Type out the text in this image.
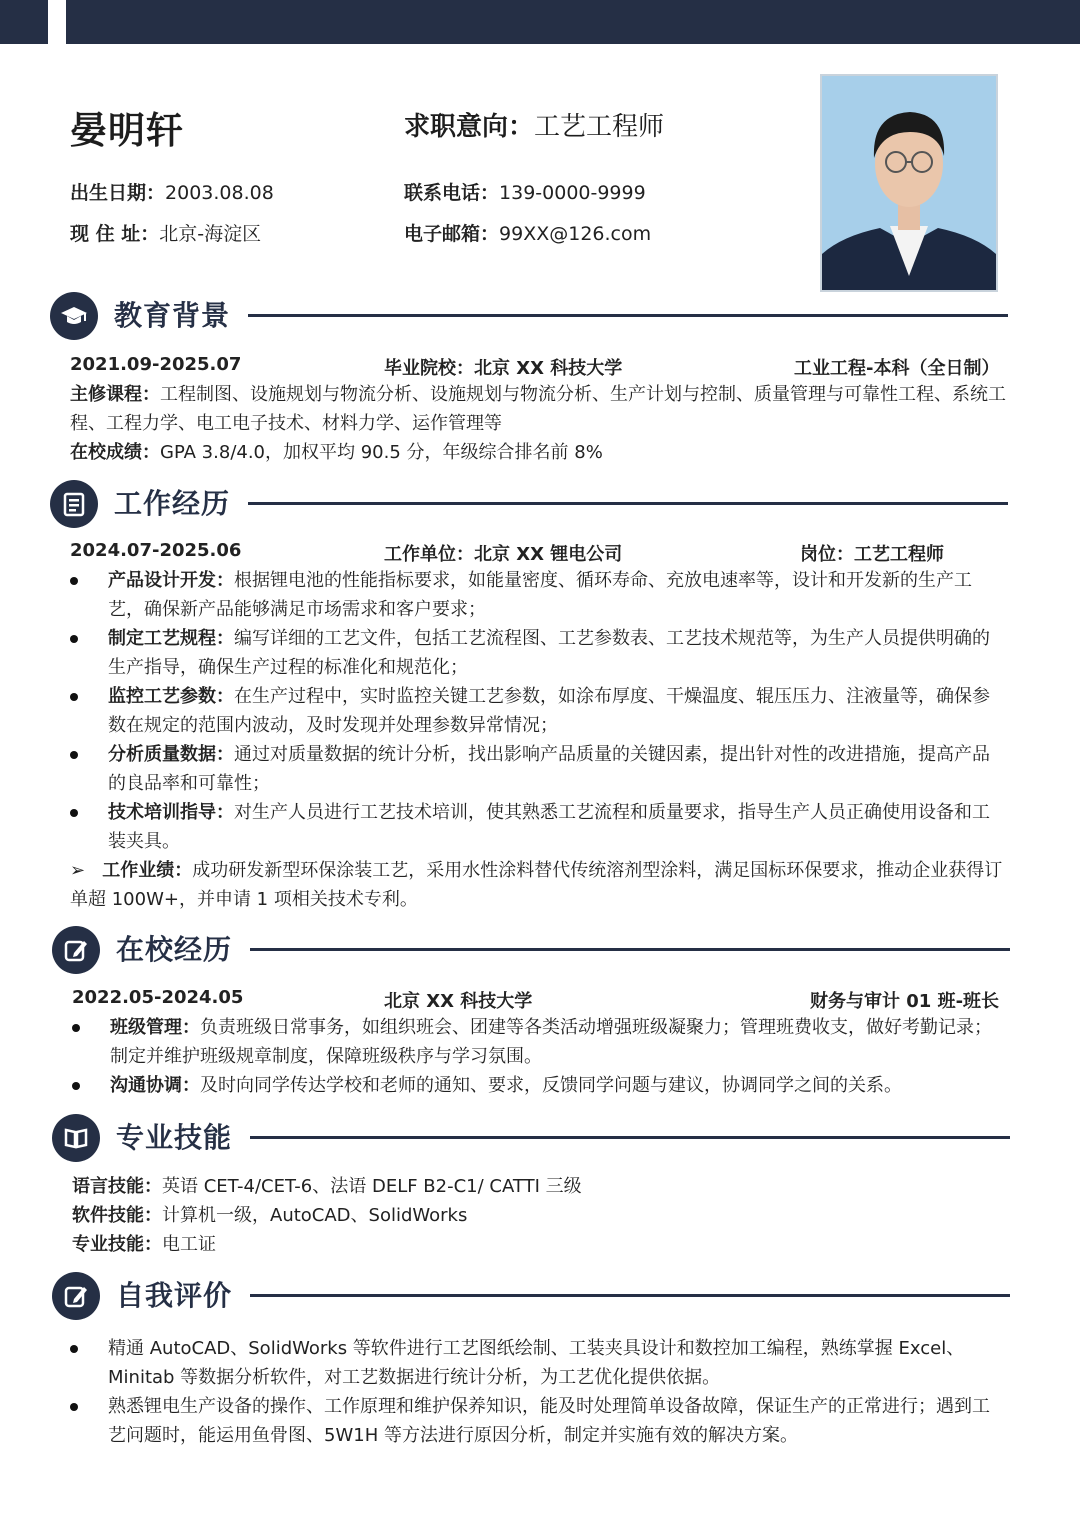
晏明轩	求职意向：工艺工程师
出生日期：2003.08.08	联系电话：139-0000-9999
现 住 址：北京-海淀区	电子邮箱：99XX@126.com
教育背景
2021.09-2025.07	毕业院校：北京 XX 科技大学	工业工程-本科（全日制）
主修课程：工程制图、设施规划与物流分析、设施规划与物流分析、生产计划与控制、质量管理与可靠性工程、系统工程、工程力学、电工电子技术、材料力学、运作管理等
在校成绩：GPA 3.8/4.0，加权平均 90.5 分，年级综合排名前 8%
工作经历
2024.07-2025.06	工作单位：北京 XX 锂电公司	岗位：工艺工程师
产品设计开发：根据锂电池的性能指标要求，如能量密度、循环寿命、充放电速率等，设计和开发新的生产工艺，确保新产品能够满足市场需求和客户要求；
制定工艺规程：编写详细的工艺文件，包括工艺流程图、工艺参数表、工艺技术规范等，为生产人员提供明确的生产指导，确保生产过程的标准化和规范化；
监控工艺参数：在生产过程中，实时监控关键工艺参数，如涂布厚度、干燥温度、辊压压力、注液量等，确保参数在规定的范围内波动，及时发现并处理参数异常情况；
分析质量数据：通过对质量数据的统计分析，找出影响产品质量的关键因素，提出针对性的改进措施，提高产品的良品率和可靠性；
技术培训指导：对生产人员进行工艺技术培训，使其熟悉工艺流程和质量要求，指导生产人员正确使用设备和工装夹具。
➢ 工作业绩：成功研发新型环保涂装工艺，采用水性涂料替代传统溶剂型涂料，满足国标环保要求，推动企业获得订单超 100W+，并申请 1 项相关技术专利。
在校经历
2022.05-2024.05	北京 XX 科技大学	财务与审计 01 班-班长
班级管理：负责班级日常事务，如组织班会、团建等各类活动增强班级凝聚力；管理班费收支，做好考勤记录；制定并维护班级规章制度，保障班级秩序与学习氛围。
沟通协调：及时向同学传达学校和老师的通知、要求，反馈同学问题与建议，协调同学之间的关系。
专业技能
语言技能：英语 CET-4/CET-6、法语 DELF B2-C1/ CATTI 三级
软件技能：计算机一级，AutoCAD、SolidWorks
专业技能：电工证
自我评价
精通 AutoCAD、SolidWorks 等软件进行工艺图纸绘制、工装夹具设计和数控加工编程，熟练掌握 Excel、Minitab 等数据分析软件，对工艺数据进行统计分析，为工艺优化提供依据。
熟悉锂电生产设备的操作、工作原理和维护保养知识，能及时处理简单设备故障，保证生产的正常进行；遇到工艺问题时，能运用鱼骨图、5W1H 等方法进行原因分析，制定并实施有效的解决方案。
